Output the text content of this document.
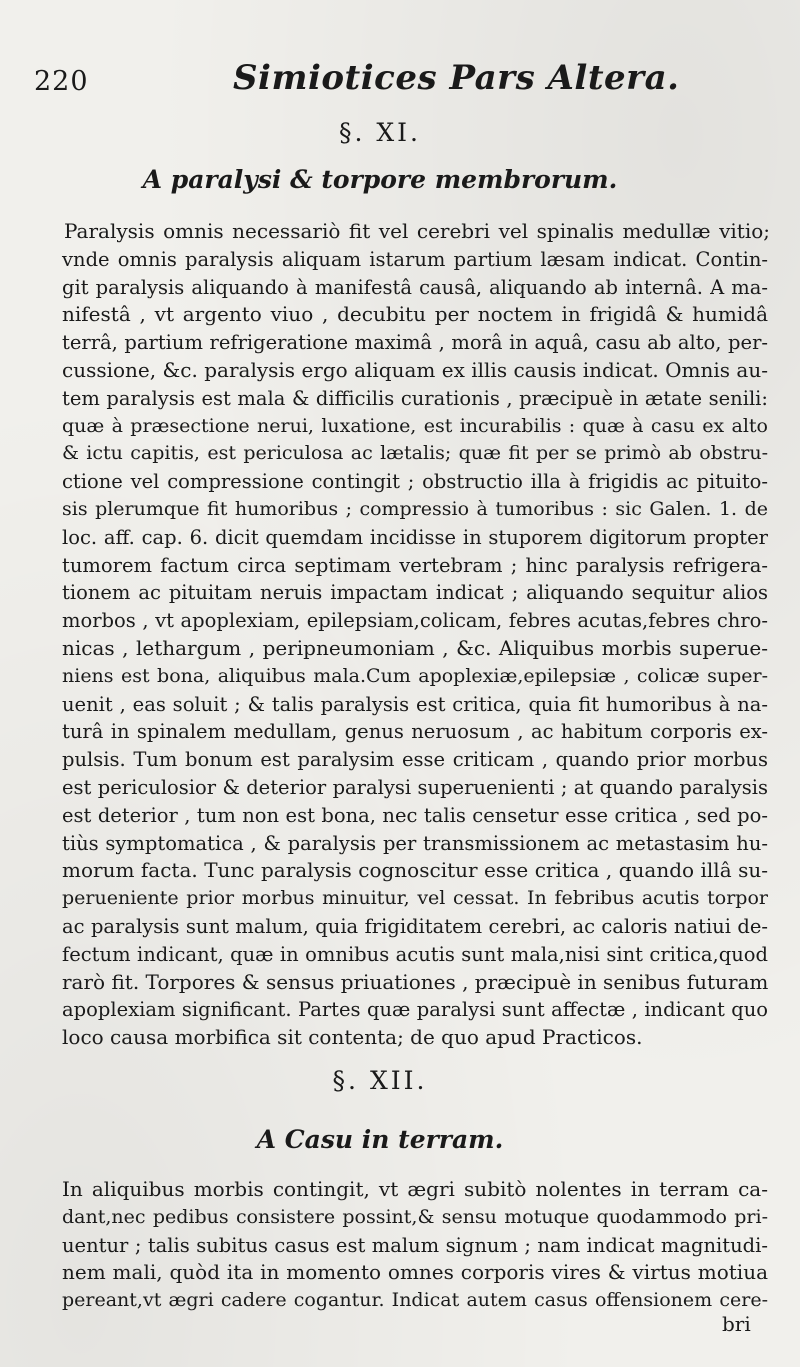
220	Simiotices Pars Altera.
§. XI.
A paralysi & torpore membrorum.
Paralysis omnis necessariò fit vel cerebri vel spinalis medullæ vitio;
vnde omnis paralysis aliquam istarum partium læsam indicat. Contin-
git paralysis aliquando à manifestâ causâ, aliquando ab internâ. A ma-
nifestâ , vt argento viuo , decubitu per noctem in frigidâ & humidâ
terrâ, partium refrigeratione maximâ , morâ in aquâ, casu ab alto, per-
cussione, &c. paralysis ergo aliquam ex illis causis indicat. Omnis au-
tem paralysis est mala & difficilis curationis , præcipuè in ætate senili:
quæ à præsectione nerui, luxatione, est incurabilis : quæ à casu ex alto
& ictu capitis, est periculosa ac lætalis; quæ fit per se primò ab obstru-
ctione vel compressione contingit ; obstructio illa à frigidis ac pituito-
sis plerumque fit humoribus ; compressio à tumoribus : sic Galen. 1. de
loc. aff. cap. 6. dicit quemdam incidisse in stuporem digitorum propter
tumorem factum circa septimam vertebram ; hinc paralysis refrigera-
tionem ac pituitam neruis impactam indicat ; aliquando sequitur alios
morbos , vt apoplexiam, epilepsiam,colicam, febres acutas,febres chro-
nicas , lethargum , peripneumoniam , &c. Aliquibus morbis superue-
niens est bona, aliquibus mala.Cum apoplexiæ,epilepsiæ , colicæ super-
uenit , eas soluit ; & talis paralysis est critica, quia fit humoribus à na-
turâ in spinalem medullam, genus neruosum , ac habitum corporis ex-
pulsis. Tum bonum est paralysim esse criticam , quando prior morbus
est periculosior & deterior paralysi superuenienti ; at quando paralysis
est deterior , tum non est bona, nec talis censetur esse critica , sed po-
tiùs symptomatica , & paralysis per transmissionem ac metastasim hu-
morum facta. Tunc paralysis cognoscitur esse critica , quando illâ su-
perueniente prior morbus minuitur, vel cessat. In febribus acutis torpor
ac paralysis sunt malum, quia frigiditatem cerebri, ac caloris natiui de-
fectum indicant, quæ in omnibus acutis sunt mala,nisi sint critica,quod
rarò fit. Torpores & sensus priuationes , præcipuè in senibus futuram
apoplexiam significant. Partes quæ paralysi sunt affectæ , indicant quo
loco causa morbifica sit contenta; de quo apud Practicos.
§. XII.
A Casu in terram.
In aliquibus morbis contingit, vt ægri subitò nolentes in terram ca-
dant,nec pedibus consistere possint,& sensu motuque quodammodo pri-
uentur ; talis subitus casus est malum signum ; nam indicat magnitudi-
nem mali, quòd ita in momento omnes corporis vires & virtus motiua
pereant,vt ægri cadere cogantur. Indicat autem casus offensionem cere-
bri
